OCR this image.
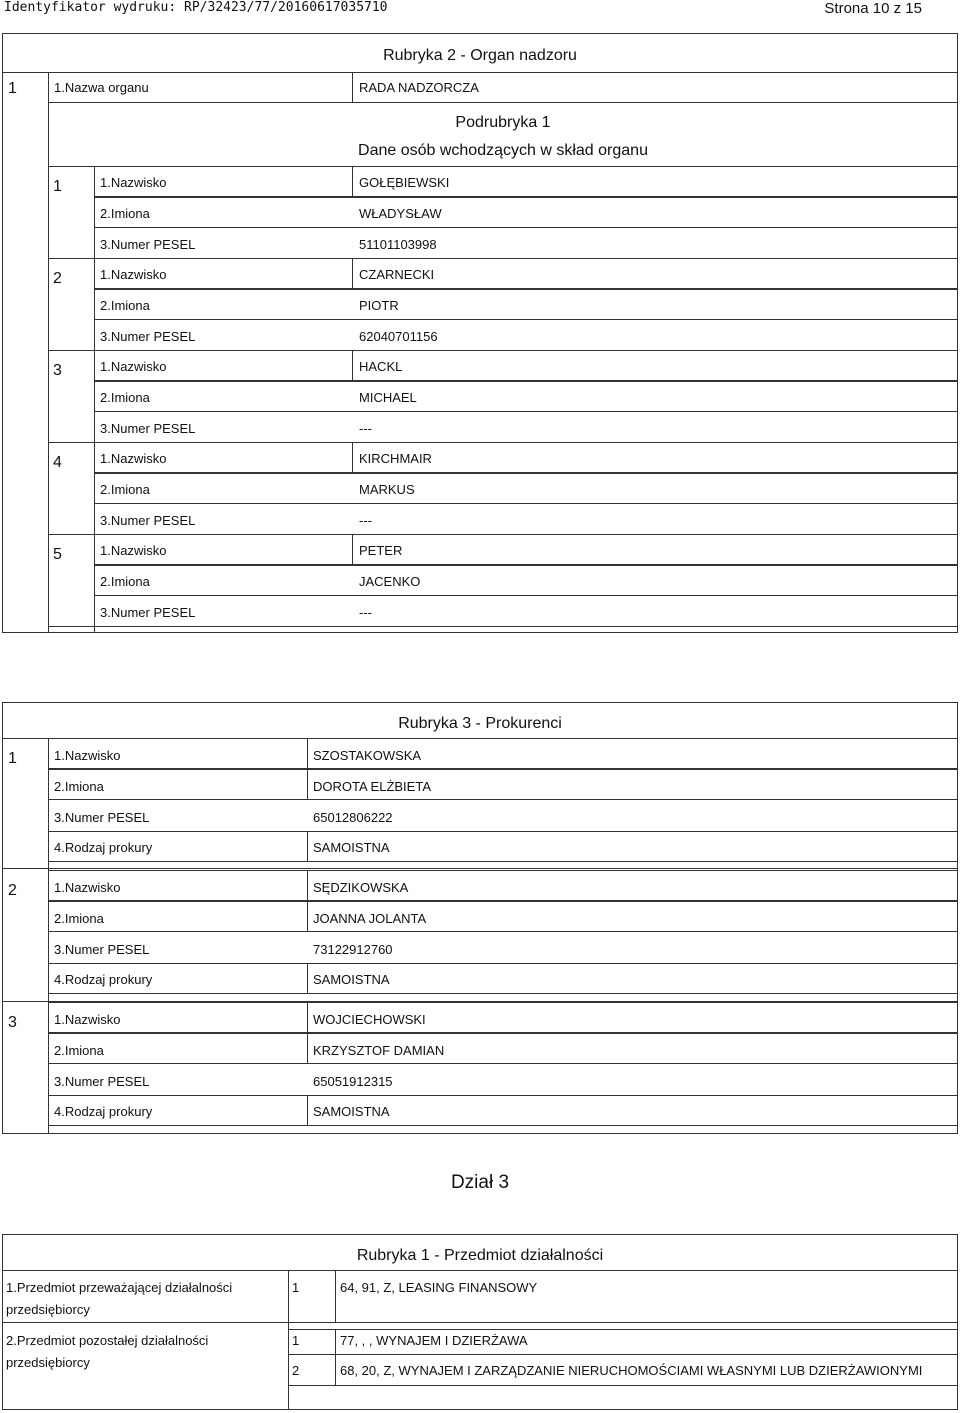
Identyfikator wydruku: RP/32423/77/20160617035710	Strona 10 z 15
Rubryka 2 - Organ nadzoru
1	1.Nazwa organu	RADA NADZORCZA
Podrubryka 1
Dane osób wchodzących w skład organu
1	1.Nazwisko	GOŁĘBIEWSKI
2.Imiona	WŁADYSŁAW
3.Numer PESEL	51101103998
2	1.Nazwisko	CZARNECKI
2.Imiona	PIOTR
3.Numer PESEL	62040701156
3	1.Nazwisko	HACKL
2.Imiona	MICHAEL
3.Numer PESEL	---
4	1.Nazwisko	KIRCHMAIR
2.Imiona	MARKUS
3.Numer PESEL	---
5	1.Nazwisko	PETER
2.Imiona	JACENKO
3.Numer PESEL	---
Rubryka 3 - Prokurenci
1	1.Nazwisko	SZOSTAKOWSKA
2.Imiona	DOROTA ELŻBIETA
3.Numer PESEL	65012806222
4.Rodzaj prokury	SAMOISTNA
2	1.Nazwisko	SĘDZIKOWSKA
2.Imiona	JOANNA JOLANTA
3.Numer PESEL	73122912760
4.Rodzaj prokury	SAMOISTNA
3	1.Nazwisko	WOJCIECHOWSKI
2.Imiona	KRZYSZTOF DAMIAN
3.Numer PESEL	65051912315
4.Rodzaj prokury	SAMOISTNA
Dział 3
Rubryka 1 - Przedmiot działalności
1.Przedmiot przeważającej działalności
przedsiębiorcy
1	64, 91, Z, LEASING FINANSOWY
2.Przedmiot pozostałej działalności
przedsiębiorcy
1	77, , , WYNAJEM I DZIERŻAWA
2	68, 20, Z, WYNAJEM I ZARZĄDZANIE NIERUCHOMOŚCIAMI WŁASNYMI LUB DZIERŻAWIONYMI
